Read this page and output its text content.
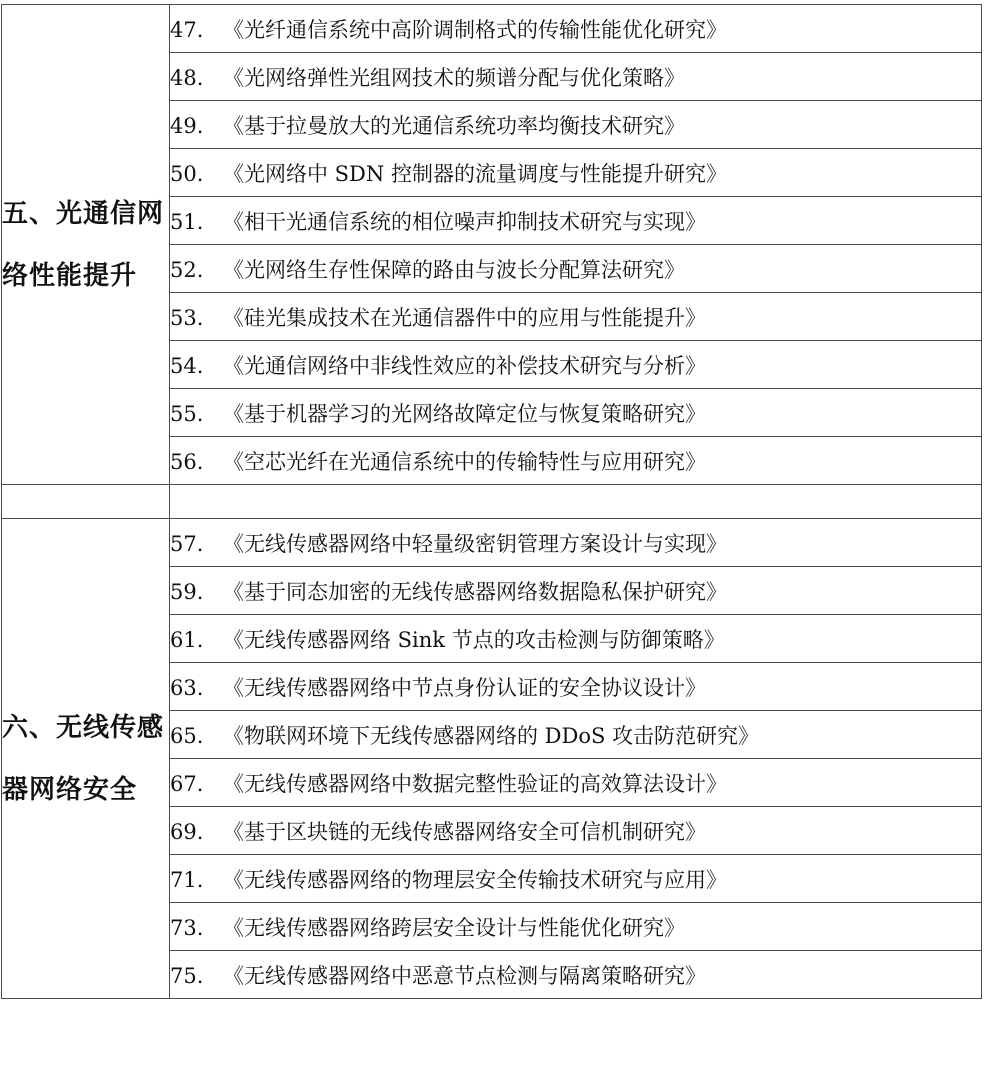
五、光通信网络性能提升	47. 《光纤通信系统中高阶调制格式的传输性能优化研究》
	48. 《光网络弹性光组网技术的频谱分配与优化策略》
	49. 《基于拉曼放大的光通信系统功率均衡技术研究》
	50. 《光网络中 SDN 控制器的流量调度与性能提升研究》
	51. 《相干光通信系统的相位噪声抑制技术研究与实现》
	52. 《光网络生存性保障的路由与波长分配算法研究》
	53. 《硅光集成技术在光通信器件中的应用与性能提升》
	54. 《光通信网络中非线性效应的补偿技术研究与分析》
	55. 《基于机器学习的光网络故障定位与恢复策略研究》
	56. 《空芯光纤在光通信系统中的传输特性与应用研究》

六、无线传感器网络安全	57. 《无线传感器网络中轻量级密钥管理方案设计与实现》
	59. 《基于同态加密的无线传感器网络数据隐私保护研究》
	61. 《无线传感器网络 Sink 节点的攻击检测与防御策略》
	63. 《无线传感器网络中节点身份认证的安全协议设计》
	65. 《物联网环境下无线传感器网络的 DDoS 攻击防范研究》
	67. 《无线传感器网络中数据完整性验证的高效算法设计》
	69. 《基于区块链的无线传感器网络安全可信机制研究》
	71. 《无线传感器网络的物理层安全传输技术研究与应用》
	73. 《无线传感器网络跨层安全设计与性能优化研究》
	75. 《无线传感器网络中恶意节点检测与隔离策略研究》
